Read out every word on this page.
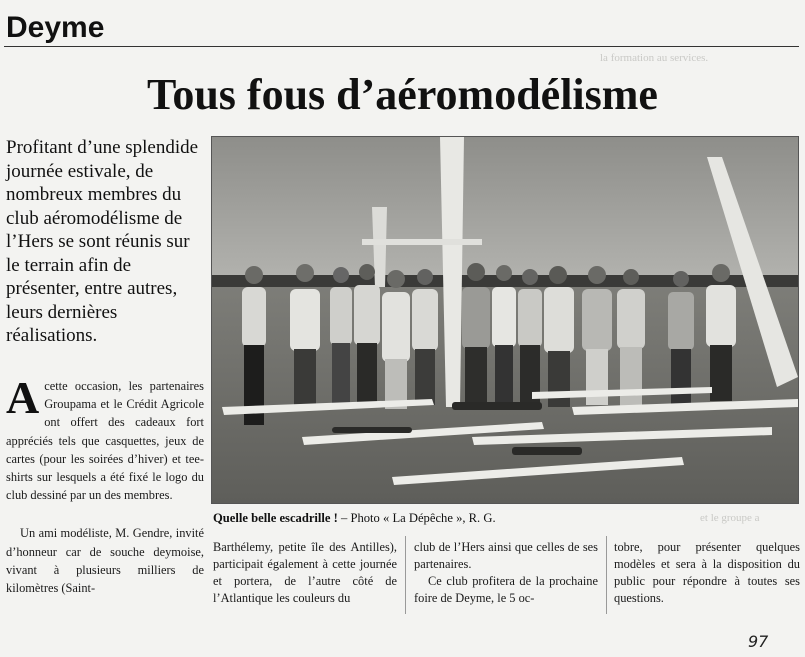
la formation au services.
et le groupe a
Deyme
Tous fous d’aéromodélisme

Profitant d’une splendide journée estivale, de nombreux membres du club aéromodélisme de l’Hers se sont réunis sur le terrain afin de présenter, entre autres, leurs dernières réalisations.

A cette occasion, les partenaires Groupama et le Crédit Agricole ont offert des cadeaux fort appréciés tels que casquettes, jeux de cartes (pour les soirées d’hiver) et tee-shirts sur lesquels a été fixé le logo du club dessiné par un des membres.

Un ami modéliste, M. Gendre, invité d’honneur car de souche deymoise, vivant à plusieurs milliers de kilomètres (Saint-

Quelle belle escadrille ! – Photo « La Dépêche », R. G.

Barthélemy, petite île des Antilles), participait également à cette journée et portera, de l’autre côté de l’Atlantique les couleurs du

club de l’Hers ainsi que celles de ses partenaires.

Ce club profitera de la prochaine foire de Deyme, le 5 oc-

tobre, pour présenter quelques modèles et sera à la disposition du public pour répondre à toutes ses questions.

97
